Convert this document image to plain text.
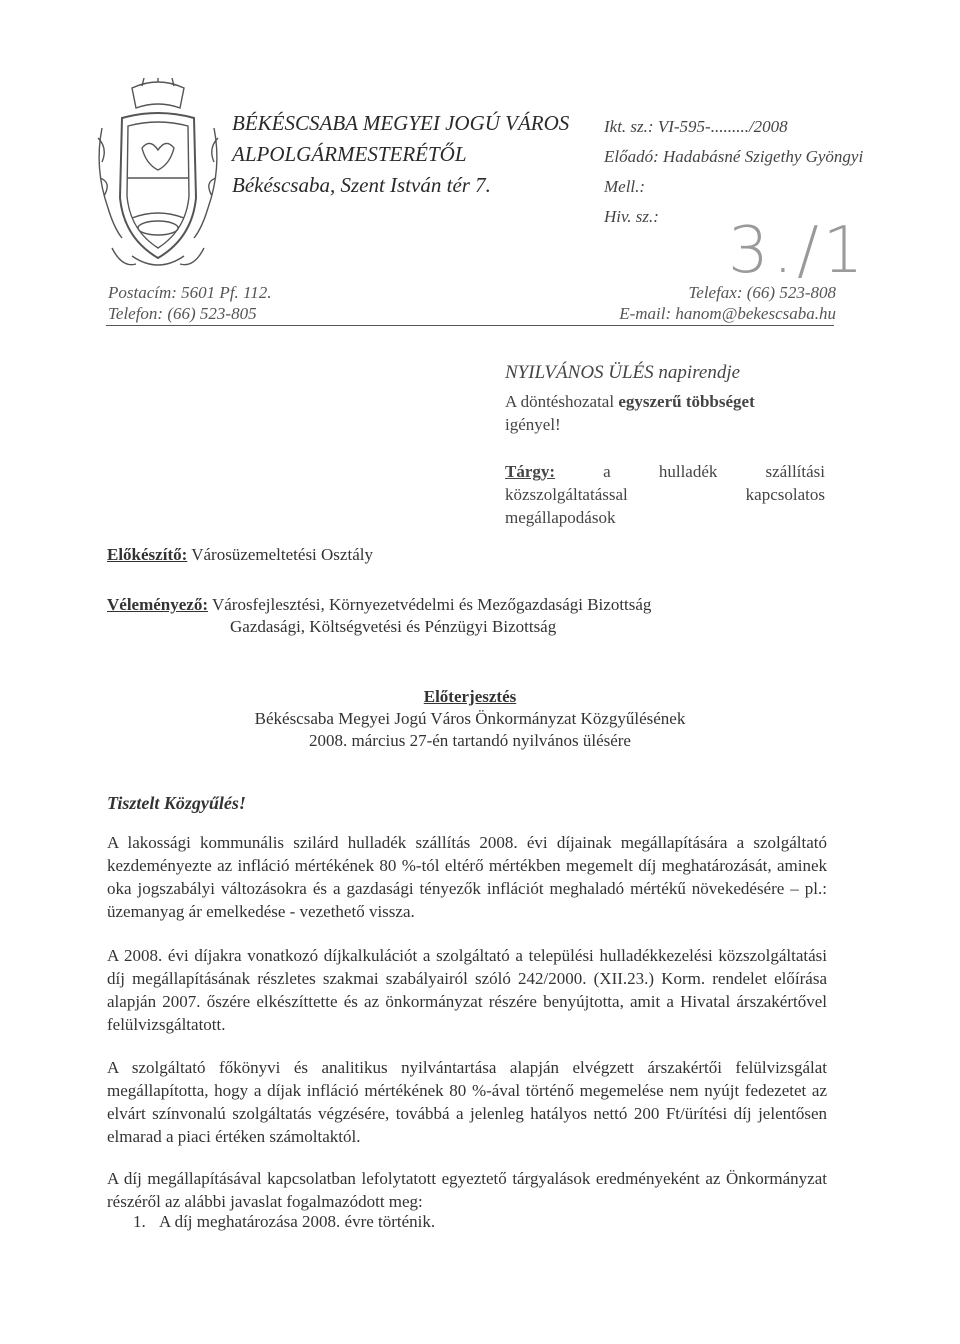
BÉKÉSCSABA MEGYEI JOGÚ VÁROS
ALPOLGÁRMESTERÉTŐL
Békéscsaba, Szent István tér 7.
Ikt. sz.: VI-595-........./2008
Előadó: Hadabásné Szigethy Gyöngyi
Mell.:
Hiv. sz.:	3./1
Postacím: 5601 Pf. 112.
Telefon: (66) 523-805
Telefax: (66) 523-808
E-mail: hanom@bekescsaba.hu
NYILVÁNOS ÜLÉS napirendje
A döntéshozatal egyszerű többséget
igényel!
Tárgy:	a	hulladék	szállítási
közszolgáltatással	kapcsolatos
megállapodások
Előkészítő: Városüzemeltetési Osztály
Véleményező: Városfejlesztési, Környezetvédelmi és Mezőgazdasági Bizottság
Gazdasági, Költségvetési és Pénzügyi Bizottság
Előterjesztés
Békéscsaba Megyei Jogú Város Önkormányzat Közgyűlésének
2008. március 27-én tartandó nyilvános ülésére
Tisztelt Közgyűlés!
A lakossági kommunális szilárd hulladék szállítás 2008. évi díjainak megállapítására a szolgáltató kezdeményezte az infláció mértékének 80 %-tól eltérő mértékben megemelt díj meghatározását, aminek oka jogszabályi változásokra és a gazdasági tényezők inflációt meghaladó mértékű növekedésére – pl.: üzemanyag ár emelkedése - vezethető vissza.
A 2008. évi díjakra vonatkozó díjkalkulációt a szolgáltató a települési hulladékkezelési közszolgáltatási díj megállapításának részletes szakmai szabályairól szóló 242/2000. (XII.23.) Korm. rendelet előírása alapján 2007. őszére elkészíttette és az önkormányzat részére benyújtotta, amit a Hivatal árszakértővel felülvizsgáltatott.
A szolgáltató főkönyvi és analitikus nyilvántartása alapján elvégzett árszakértői felülvizsgálat megállapította, hogy a díjak infláció mértékének 80 %-ával történő megemelése nem nyújt fedezetet az elvárt színvonalú szolgáltatás végzésére, továbbá a jelenleg hatályos nettó 200 Ft/ürítési díj jelentősen elmarad a piaci értéken számoltaktól.
A díj megállapításával kapcsolatban lefolytatott egyeztető tárgyalások eredményeként az Önkormányzat részéről az alábbi javaslat fogalmazódott meg:
1. A díj meghatározása 2008. évre történik.
